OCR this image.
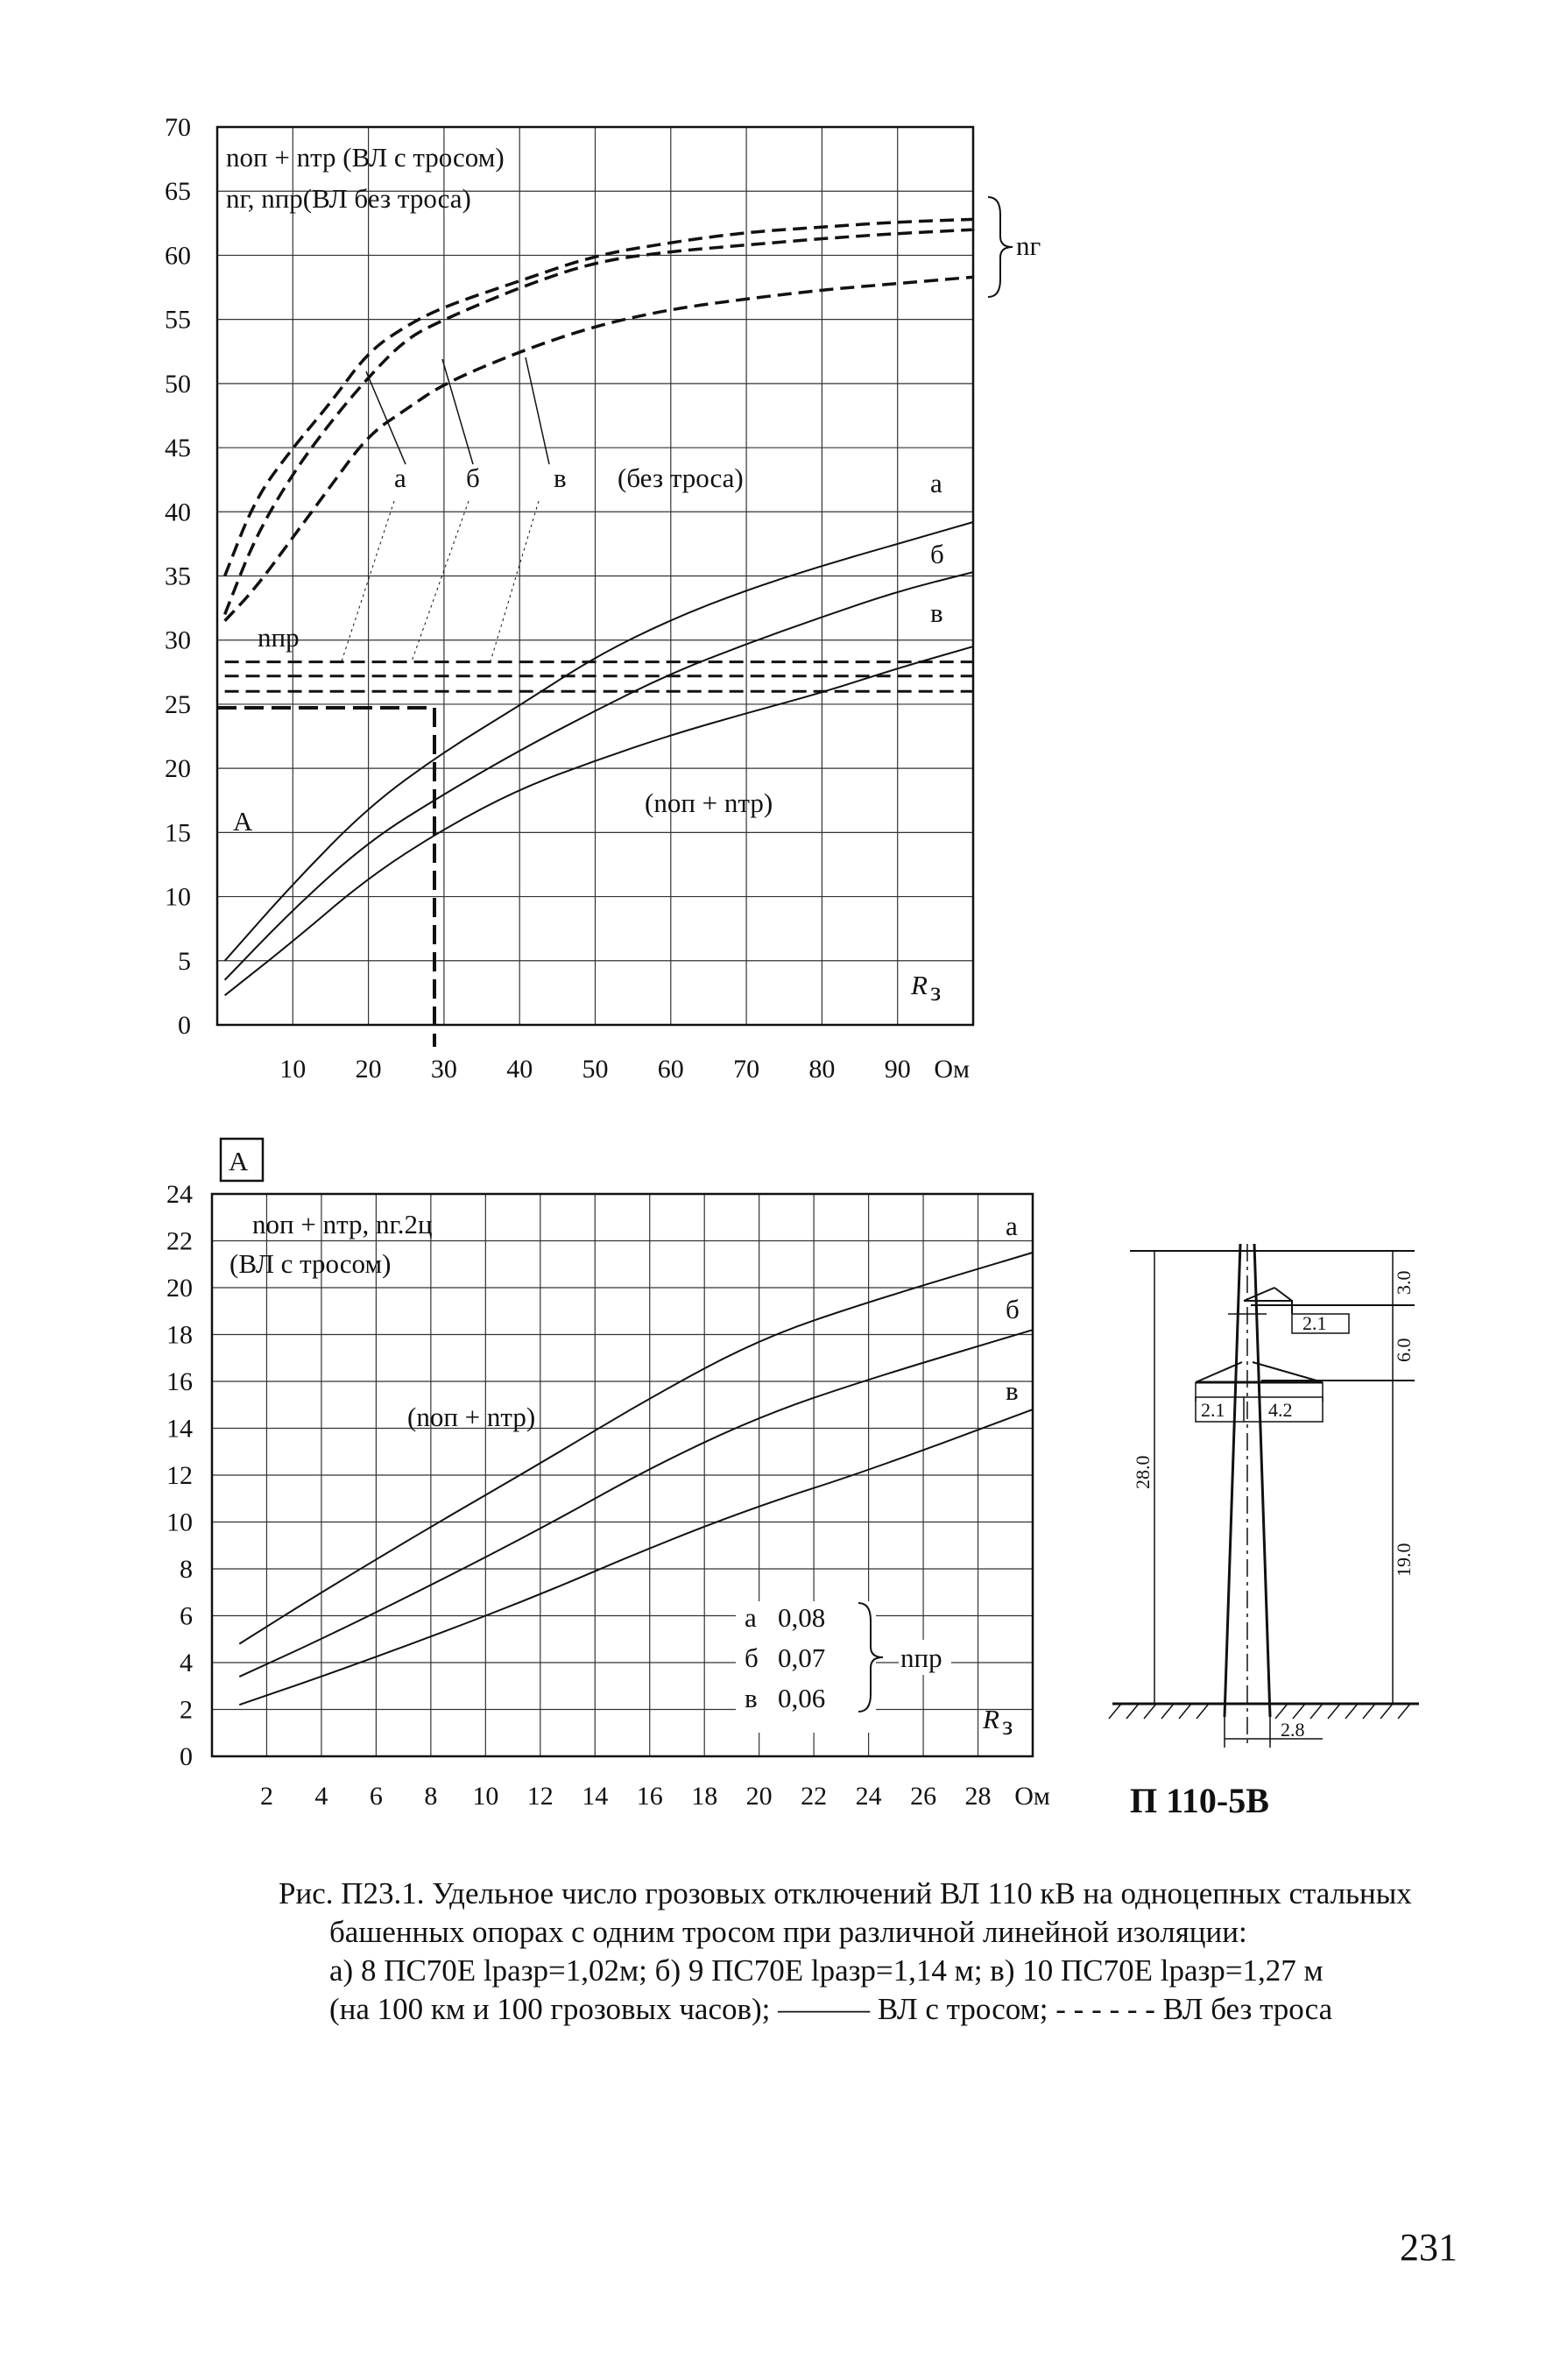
10 20 30 40 50 60 70 80 90 Ом
0
5
10
15
20
25
30
35
40
45
50
55
60
65
70
nоп + nтр (ВЛ с тросом)
nг, nпр(ВЛ без троса)
nг
а б	в (без троса)	а
б
в
nпр
(nоп + nтр)
A
R з
2 4 6 8 10 12 14 16 18 20 22 24 26 28 Ом
0
2
4
6
8
10
12
14
16
18
20
22
24
A
nоп + nтр, nг.2ц
(ВЛ с тросом)
(nоп + nтр)
а
б
в
а 0,08
б 0,07
в 0,06
nпр
R з
3.0
2.1
6.0
2.1 4.2
28.0
19.0
2.8
П 110-5В
Рис. П23.1. Удельное число грозовых отключений ВЛ 110 кВ на одноцепных стальных
башенных опорах с одним тросом при различной линейной изоляции:
а) 8 ПС70Е lразр=1,02м; б) 9 ПС70Е lразр=1,14 м; в) 10 ПС70Е lразр=1,27 м
(на 100 км и 100 грозовых часов); ——— ВЛ с тросом; - - - - - - ВЛ без троса
231
